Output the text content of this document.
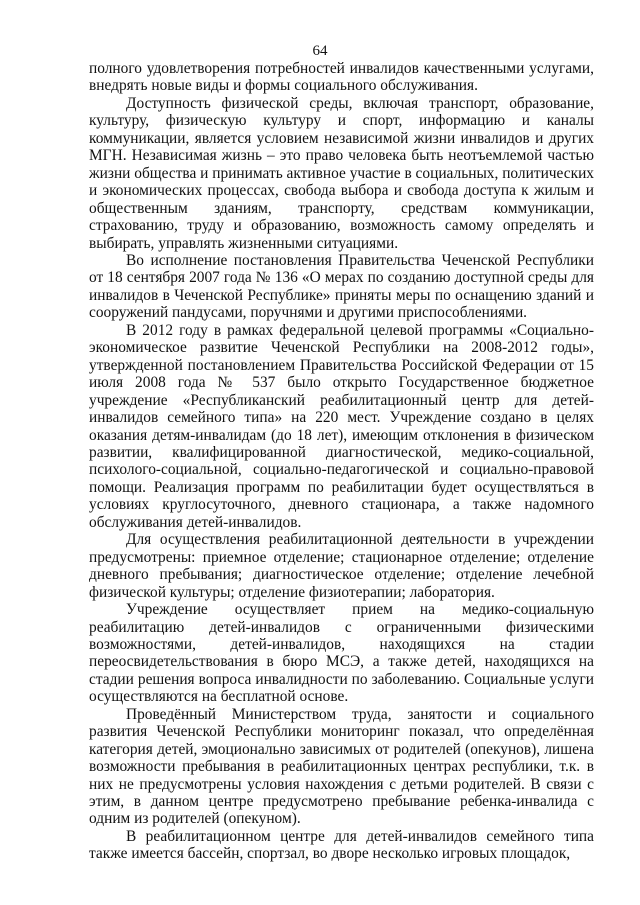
64

полного удовлетворения потребностей инвалидов качественными услугами, внедрять новые виды и формы социального обслуживания.

Доступность физической среды, включая транспорт, образование, культуру, физическую культуру и спорт, информацию и каналы коммуникации, является условием независимой жизни инвалидов и других МГН. Независимая жизнь – это право человека быть неотъемлемой частью жизни общества и принимать активное участие в социальных, политических и экономических процессах, свобода выбора и свобода доступа к жилым и общественным зданиям, транспорту, средствам коммуникации, страхованию, труду и образованию, возможность самому определять и выбирать, управлять жизненными ситуациями.

Во исполнение постановления Правительства Чеченской Республики от 18 сентября 2007 года № 136 «О мерах по созданию доступной среды для инвалидов в Чеченской Республике» приняты меры по оснащению зданий и сооружений пандусами, поручнями и другими приспособлениями.

В 2012 году в рамках федеральной целевой программы «Социально-экономическое развитие Чеченской Республики на 2008-2012 годы», утвержденной постановлением Правительства Российской Федерации от 15 июля 2008 года № 537 было открыто Государственное бюджетное учреждение «Республиканский реабилитационный центр для детей-инвалидов семейного типа» на 220 мест. Учреждение создано в целях оказания детям-инвалидам (до 18 лет), имеющим отклонения в физическом развитии, квалифицированной диагностической, медико-социальной, психолого-социальной, социально-педагогической и социально-правовой помощи. Реализация программ по реабилитации будет осуществляться в условиях круглосуточного, дневного стационара, а также надомного обслуживания детей-инвалидов.

Для осуществления реабилитационной деятельности в учреждении предусмотрены: приемное отделение; стационарное отделение; отделение дневного пребывания; диагностическое отделение; отделение лечебной физической культуры; отделение физиотерапии; лаборатория.

Учреждение осуществляет прием на медико-социальную реабилитацию детей-инвалидов с ограниченными физическими возможностями, детей-инвалидов, находящихся на стадии переосвидетельствования в бюро МСЭ, а также детей, находящихся на стадии решения вопроса инвалидности по заболеванию. Социальные услуги осуществляются на бесплатной основе.

Проведённый Министерством труда, занятости и социального развития Чеченской Республики мониторинг показал, что определённая категория детей, эмоционально зависимых от родителей (опекунов), лишена возможности пребывания в реабилитационных центрах республики, т.к. в них не предусмотрены условия нахождения с детьми родителей. В связи с этим, в данном центре предусмотрено пребывание ребенка-инвалида с одним из родителей (опекуном).

В реабилитационном центре для детей-инвалидов семейного типа также имеется бассейн, спортзал, во дворе несколько игровых площадок,
